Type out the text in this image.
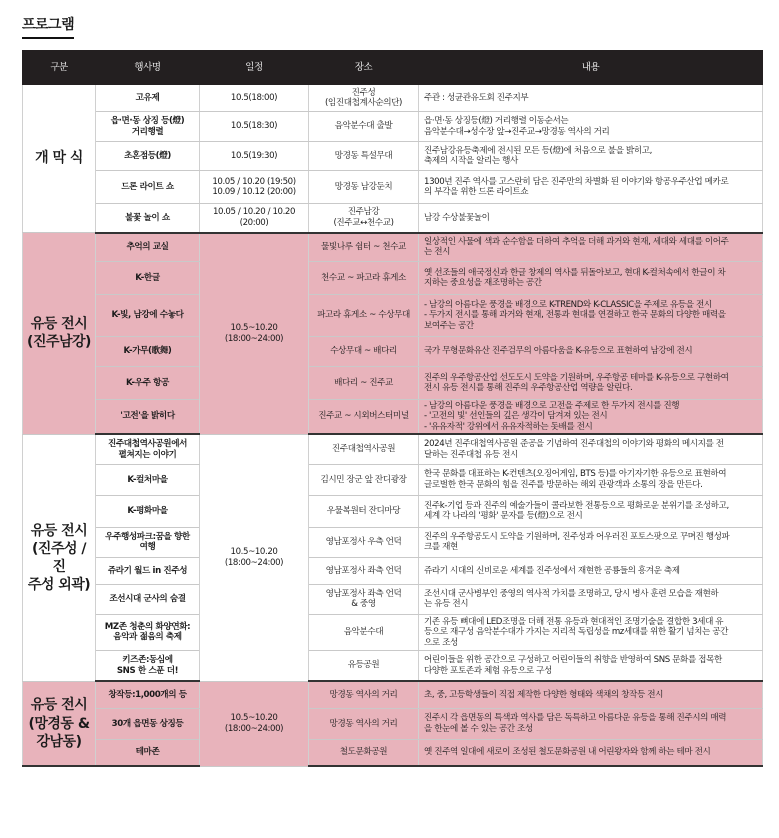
프로그램
구분	행사명	일정	장소	내용
개 막 식	고유제	10.5(18:00)	진주성
(임진대첩계사순의단)	주관 : 성균관유도회 진주지부
	읍·면·동 상징 등(燈)
거리행렬	10.5(18:30)	음악분수대 출발	읍·면·동 상징등(燈) 거리행렬 이동순서는
음악분수대→성수장 앞→진주교→망경동 역사의 거리
	초혼점등(燈)	10.5(19:30)	망경동 특설무대	진주남강유등축제에 전시된 모든 등(燈)에 처음으로 불을 밝히고,
축제의 시작을 알리는 행사
	드론 라이트 쇼	10.05 / 10.20 (19:50)
10.09 / 10.12 (20:00)	망경동 남강둔치	1300년 진주 역사를 고스란히 담은 진주만의 차별화 된 이야기와 항공우주산업 메카로
의 부각을 위한 드론 라이트쇼
	불꽃 놀이 쇼	10.05 / 10.20 / 10.20
(20:00)	진주남강
(진주교↔천수교)	남강 수상불꽃놀이
유등 전시
(진주남강)	추억의 교실	10.5~10.20
(18:00~24:00)	물빛나루 쉼터 ~ 천수교	일상적인 사물에 색과 순수함을 더하여 추억을 더해 과거와 현재, 세대와 세대를 이어주
는 전시
	K-한글		천수교 ~ 파고라 휴게소	옛 선조들의 애국정신과 한글 창제의 역사를 뒤돌아보고, 현대 K-컬처속에서 한글이 차
지하는 중요성을 재조명하는 공간
	K-빛, 남강에 수놓다		파고라 휴게소 ~ 수상무대	- 남강의 아름다운 풍경을 배경으로 K-TREND와 K-CLASSIC을 주제로 유등을 전시
- 두가지 전시를 통해 과거와 현재, 전통과 현대를 연결하고 한국 문화의 다양한 매력을
보여주는 공간
	K-가무(歌舞)		수상무대 ~ 배다리	국가 무형문화유산 진주검무의 아름다움을 K-유등으로 표현하여 남강에 전시
	K-우주 항공		배다리 ~ 진주교	진주의 우주항공산업 선도도시 도약을 기원하며, 우주항공 테마를 K-유등으로 구현하여
전시 유등 전시를 통해 진주의 우주항공산업 역량을 알린다.
	'고전'을 밝히다		진주교 ~ 시외버스터미널	- 남강의 아름다운 풍경을 배경으로 고전을 주제로 한 두가지 전시를 진행
- '고전의 빛' 선인들의 깊은 생각이 담겨져 있는 전시
- '유유자적' 강위에서 유유자적하는 돗배를 전시
유등 전시
(진주성 / 진
주성 외곽)	진주대첩역사공원에서
펼쳐지는 이야기	10.5~10.20
(18:00~24:00)	진주대첩역사공원	2024년 진주대첩역사공원 준공을 기념하여 진주대첩의 이야기와 평화의 메시지를 전
달하는 진주대첩 유등 전시
	K-컬처마을		김시민 장군 앞 잔디광장	한국 문화를 대표하는 K-컨텐츠(오징어게임, BTS 등)를 아기자기한 유등으로 표현하여
글로벌한 한국 문화의 힘을 진주를 방문하는 해외 관광객과 소통의 장을 만든다.
	K-평화마을		우물복원터 잔디마당	진주k-기업 등과 진주의 예술가들이 콜라보한 전통등으로 평화로운 분위기를 조성하고,
세계 각 나라의 '평화' 문자를 등(燈)으로 전시
	우주행성파크:꿈을 향한
여행		영남포정사 우측 언덕	진주의 우주항공도시 도약을 기원하며, 진주성과 어우러진 포토스팟으로 꾸며진 행성파
크를 재현
	쥬라기 월드 in 진주성		영남포정사 좌측 언덕	쥬라기 시대의 신비로운 세계를 진주성에서 재현한 공룡들의 흥겨운 축제
	조선시대 군사의 숨결		영남포정사 좌측 언덕
& 중영	조선시대 군사병부인 중영의 역사적 가치를 조명하고, 당시 병사 훈련 모습을 재현하
는 유등 전시
	MZ존 청춘의 화양연화:
음악과 젊음의 축제		음악분수대	기존 유등 뼈대에 LED조명을 더해 전통 유등과 현대적인 조명기술을 결합한 3세대 유
등으로 재구성 음악분수대가 가지는 지리적 독립성을 mz세대를 위한 활기 넘치는 공간
으로 조성
	키즈존:동심에
SNS 한 스푼 더!		유등공원	어린이들을 위한 공간으로 구성하고 어린이들의 취향을 반영하여 SNS 문화를 접목한
다양한 포토존과 체험 유등으로 구성
유등 전시
(망경동 &
강남동)	창작등:1,000개의 등	10.5~10.20
(18:00~24:00)	망경동 역사의 거리	초, 중, 고등학생들이 직접 제작한 다양한 형태와 색채의 창작등 전시
	30개 읍면동 상징등		망경동 역사의 거리	진주시 각 읍면동의 특색과 역사를 담은 독특하고 아름다운 유등을 통해 진주시의 매력
을 한눈에 볼 수 있는 공간 조성
	테마존		철도문화공원	옛 진주역 일대에 새로이 조성된 철도문화공원 내 어린왕자와 함께 하는 테마 전시
